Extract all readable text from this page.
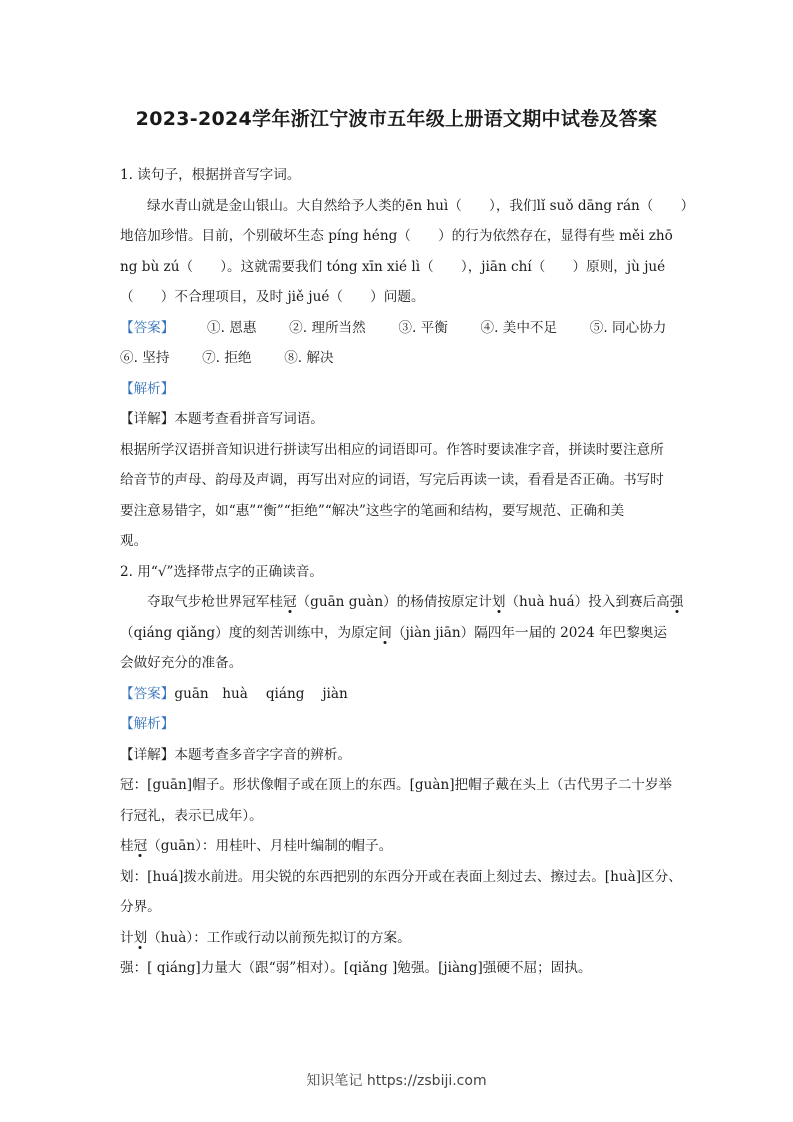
2023-2024学年浙江宁波市五年级上册语文期中试卷及答案
1. 读句子，根据拼音写字词。
绿水青山就是金山银山。大自然给予人类的ēn huì（　　），我们lǐ suǒ dāng rán（　　）
地倍加珍惜。目前，个别破坏生态 píng héng（　　）的行为依然存在，显得有些 měi zhō
ng bù zú（　　）。这就需要我们 tóng xīn xié lì（　　），jiān chí（　　）原则，jù jué
（　　）不合理项目，及时 jiě jué（　　）问题。
【答案】 ①. 恩惠 ②. 理所当然 ③. 平衡 ④. 美中不足 ⑤. 同心协力
⑥. 坚持 ⑦. 拒绝 ⑧. 解决
【解析】
【详解】本题考查看拼音写词语。
根据所学汉语拼音知识进行拼读写出相应的词语即可。作答时要读准字音，拼读时要注意所
给音节的声母、韵母及声调，再写出对应的词语，写完后再读一读，看看是否正确。书写时
要注意易错字，如“惠”“衡”“拒绝”“解决”这些字的笔画和结构，要写规范、正确和美
观。
2. 用“√”选择带点字的正确读音。
夺取气步枪世界冠军桂冠（guān guàn）的杨倩按原定计划（huà huá）投入到赛后高强
（qiáng qiǎng）度的刻苦训练中，为原定间（jiàn jiān）隔四年一届的 2024 年巴黎奥运
会做好充分的准备。
【答案】guān　huà　 qiáng　 jiàn
【解析】
【详解】本题考查多音字字音的辨析。
冠：[guān]帽子。形状像帽子或在顶上的东西。[guàn]把帽子戴在头上（古代男子二十岁举
行冠礼，表示已成年）。
桂冠（guān）：用桂叶、月桂叶编制的帽子。
划：[huá]拨水前进。用尖锐的东西把别的东西分开或在表面上刻过去、擦过去。[huà]区分、
分界。
计划（huà）：工作或行动以前预先拟订的方案。
强：[ qiáng]力量大（跟“弱”相对）。[qiǎng ]勉强。[jiàng]强硬不屈；固执。
知识笔记 https://zsbiji.com
